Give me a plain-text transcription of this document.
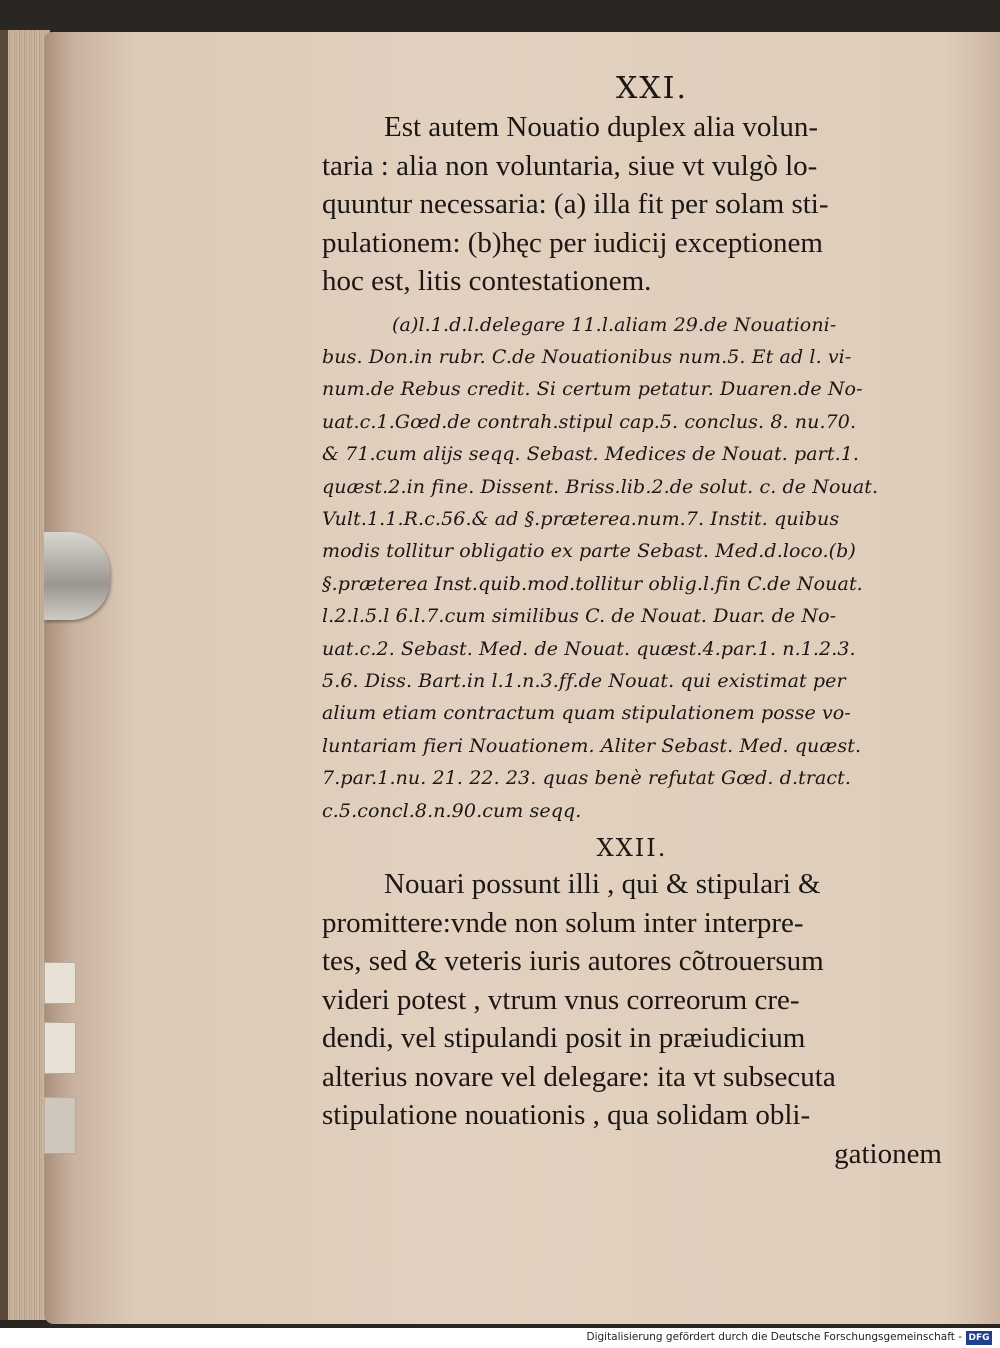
XXI.

Est autem Nouatio duplex alia volun-

taria : alia non voluntaria, siue vt vulgò lo-

quuntur necessaria: (a) illa fit per solam sti-

pulationem: (b)hęc per iudicij exceptionem

hoc est, litis contestationem.

(a)l.1.d.l.delegare 11.l.aliam 29.de Nouationi-

bus. Don.in rubr. C.de Nouationibus num.5. Et ad l. vi-

num.de Rebus credit. Si certum petatur. Duaren.de No-

uat.c.1.Gœd.de contrah.stipul cap.5. conclus. 8. nu.70.

& 71.cum alijs seqq. Sebast. Medices de Nouat. part.1.

quæst.2.in fine. Dissent. Briss.lib.2.de solut. c. de Nouat.

Vult.1.1.R.c.56.& ad §.præterea.num.7. Instit. quibus

modis tollitur obligatio ex parte Sebast. Med.d.loco.(b)

§.præterea Inst.quib.mod.tollitur oblig.l.fin C.de Nouat.

l.2.l.5.l 6.l.7.cum similibus C. de Nouat. Duar. de No-

uat.c.2. Sebast. Med. de Nouat. quæst.4.par.1. n.1.2.3.

5.6. Diss. Bart.in l.1.n.3.ff.de Nouat. qui existimat per

alium etiam contractum quam stipulationem posse vo-

luntariam fieri Nouationem. Aliter Sebast. Med. quæst.

7.par.1.nu. 21. 22. 23. quas benè refutat Gœd. d.tract.

c.5.concl.8.n.90.cum seqq.

XXII.

Nouari possunt illi , qui & stipulari &

promittere:vnde non solum inter interpre-

tes, sed & veteris iuris autores cõtrouersum

videri potest , vtrum vnus correorum cre-

dendi, vel stipulandi posit in præiudicium

alterius novare vel delegare: ita vt subsecuta

stipulatione nouationis , qua solidam obli-

gationem

Digitalisierung gefördert durch die Deutsche Forschungsgemeinschaft - DFG
